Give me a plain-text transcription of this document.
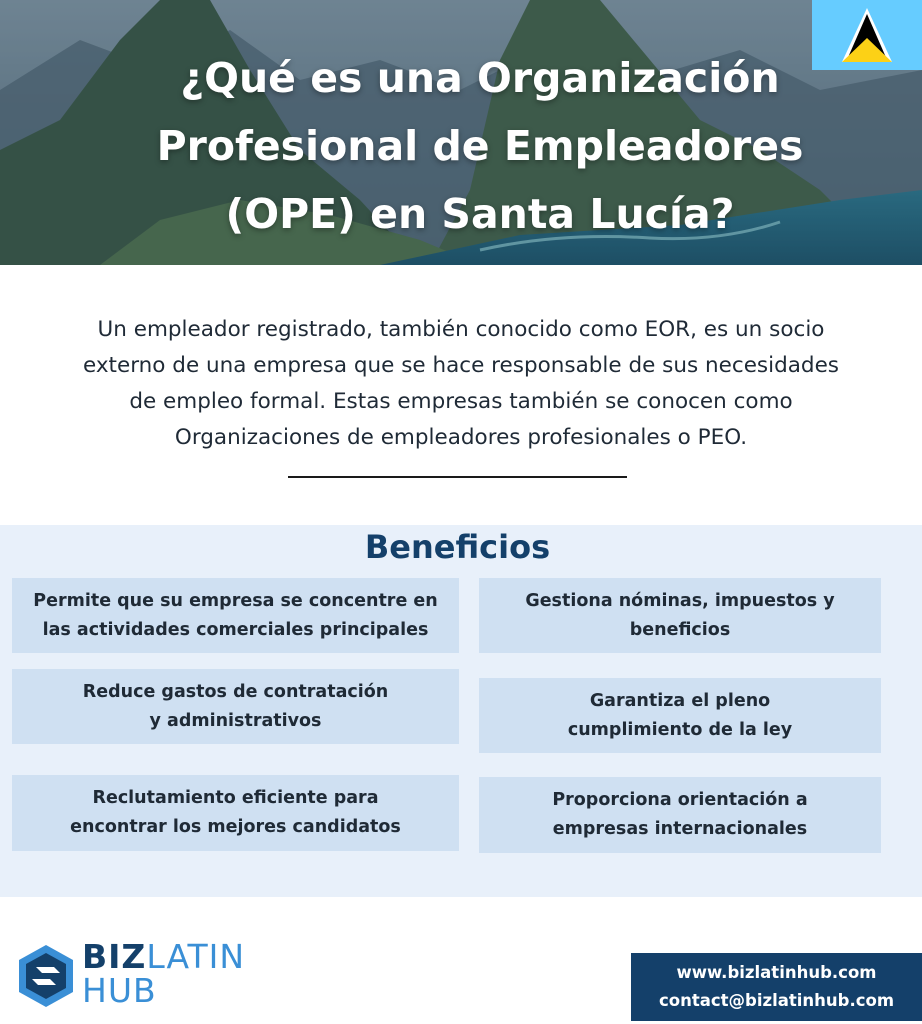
¿Qué es una Organización
Profesional de Empleadores
(OPE) en Santa Lucía?
Un empleador registrado, también conocido como EOR, es un socio
externo de una empresa que se hace responsable de sus necesidades
de empleo formal. Estas empresas también se conocen como
Organizaciones de empleadores profesionales o PEO.
Beneficios
Permite que su empresa se concentre en
las actividades comerciales principales
Reduce gastos de contratación
y administrativos
Reclutamiento eficiente para
encontrar los mejores candidatos
Gestiona nóminas, impuestos y
beneficios
Garantiza el pleno
cumplimiento de la ley
Proporciona orientación a
empresas internacionales
BIZLATIN
HUB	www.bizlatinhub.com
contact@bizlatinhub.com
